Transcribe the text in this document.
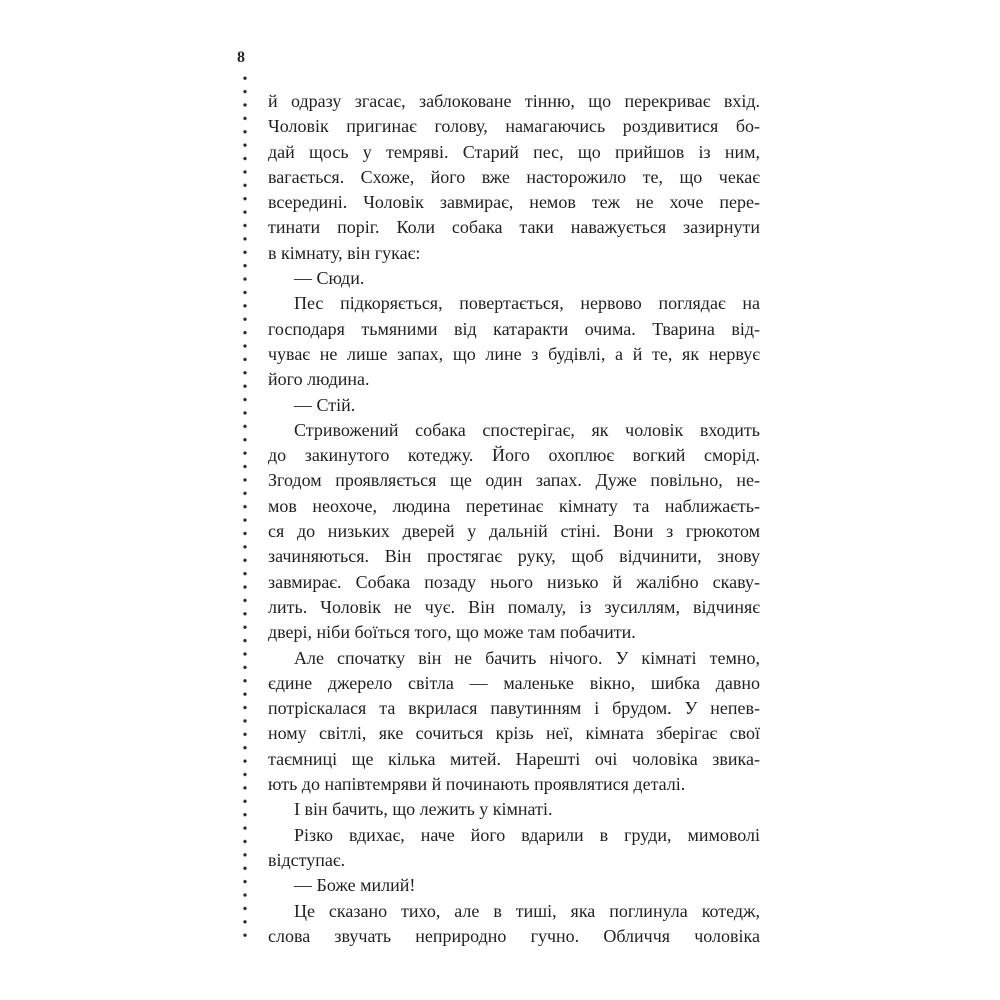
8
й одразу згасає, заблоковане тінню, що перекриває вхід.
Чоловік пригинає голову, намагаючись роздивитися бо-
дай щось у темряві. Старий пес, що прийшов із ним,
вагається. Схоже, його вже насторожило те, що чекає
всередині. Чоловік завмирає, немов теж не хоче пере-
тинати поріг. Коли собака таки наважується зазирнути
в кімнату, він гукає:
— Сюди.
Пес підкоряється, повертається, нервово поглядає на
господаря тьмяними від катаракти очима. Тварина від-
чуває не лише запах, що лине з будівлі, а й те, як нервує
його людина.
— Стій.
Стривожений собака спостерігає, як чоловік входить
до закинутого котеджу. Його охоплює вогкий сморід.
Згодом проявляється ще один запах. Дуже повільно, не-
мов неохоче, людина перетинає кімнату та наближаєть-
ся до низьких дверей у дальній стіні. Вони з грюкотом
зачиняються. Він простягає руку, щоб відчинити, знову
завмирає. Собака позаду нього низько й жалібно скаву-
лить. Чоловік не чує. Він помалу, із зусиллям, відчиняє
двері, ніби боїться того, що може там побачити.
Але спочатку він не бачить нічого. У кімнаті темно,
єдине джерело світла — маленьке вікно, шибка давно
потріскалася та вкрилася павутинням і брудом. У непев-
ному світлі, яке сочиться крізь неї, кімната зберігає свої
таємниці ще кілька митей. Нарешті очі чоловіка звика-
ють до напівтемряви й починають проявлятися деталі.
І він бачить, що лежить у кімнаті.
Різко вдихає, наче його вдарили в груди, мимоволі
відступає.
— Боже милий!
Це сказано тихо, але в тиші, яка поглинула котедж,
слова звучать неприродно гучно. Обличчя чоловіка
